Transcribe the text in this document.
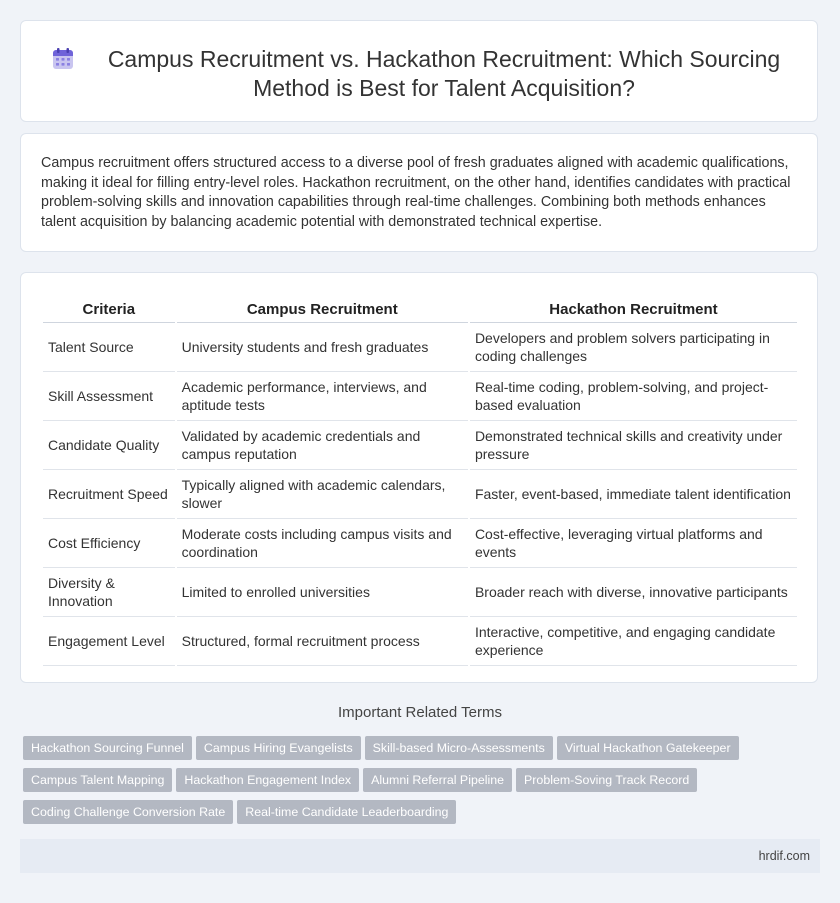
Campus Recruitment vs. Hackathon Recruitment: Which Sourcing Method is Best for Talent Acquisition?

Campus recruitment offers structured access to a diverse pool of fresh graduates aligned with academic qualifications, making it ideal for filling entry-level roles. Hackathon recruitment, on the other hand, identifies candidates with practical problem-solving skills and innovation capabilities through real-time challenges. Combining both methods enhances talent acquisition by balancing academic potential with demonstrated technical expertise.

Criteria	Campus Recruitment	Hackathon Recruitment
Talent Source	University students and fresh graduates	Developers and problem solvers participating in coding challenges
Skill Assessment	Academic performance, interviews, and aptitude tests	Real-time coding, problem-solving, and project-based evaluation
Candidate Quality	Validated by academic credentials and campus reputation	Demonstrated technical skills and creativity under pressure
Recruitment Speed	Typically aligned with academic calendars, slower	Faster, event-based, immediate talent identification
Cost Efficiency	Moderate costs including campus visits and coordination	Cost-effective, leveraging virtual platforms and events
Diversity & Innovation	Limited to enrolled universities	Broader reach with diverse, innovative participants
Engagement Level	Structured, formal recruitment process	Interactive, competitive, and engaging candidate experience
Important Related Terms
Hackathon Sourcing Funnel Campus Hiring Evangelists Skill-based Micro-Assessments Virtual Hackathon Gatekeeper
Campus Talent Mapping Hackathon Engagement Index Alumni Referral Pipeline Problem-Soving Track Record
Coding Challenge Conversion Rate Real-time Candidate Leaderboarding
hrdif.com
